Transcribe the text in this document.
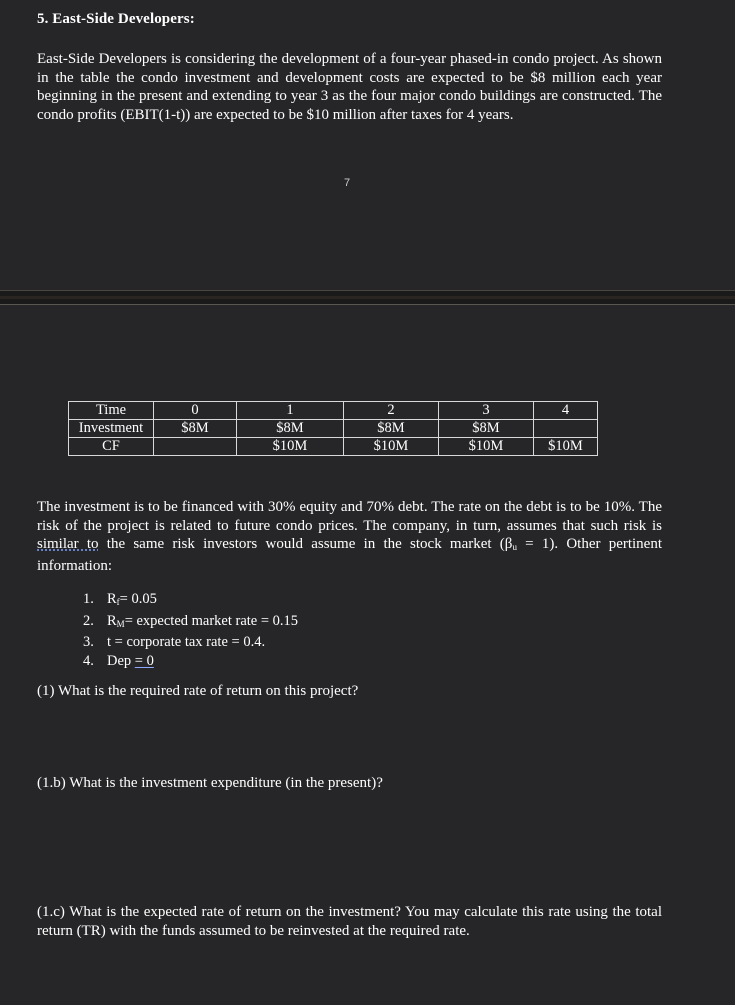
5. East-Side Developers:

East-Side Developers is considering the development of a four-year phased-in condo project. As shown in the table the condo investment and development costs are expected to be $8 million each year beginning in the present and extending to year 3 as the four major condo buildings are constructed. The condo profits (EBIT(1-t)) are expected to be $10 million after taxes for 4 years.

7
Time	0	1	2	3	4
Investment	$8M	$8M	$8M	$8M	
CF		$10M	$10M	$10M	$10M

The investment is to be financed with 30% equity and 70% debt. The rate on the debt is to be 10%. The risk of the project is related to future condo prices. The company, in turn, assumes that such risk is similar to the same risk investors would assume in the stock market $(\beta_u = 1)$. Other pertinent information:

1. $R_f= 0.05$
2. $R_M=$ expected market rate = 0.15
3. t = corporate tax rate = 0.4.
4. Dep = 0

(1) What is the required rate of return on this project?

(1.b) What is the investment expenditure (in the present)?

(1.c) What is the expected rate of return on the investment? You may calculate this rate using the total return (TR) with the funds assumed to be reinvested at the required rate.
